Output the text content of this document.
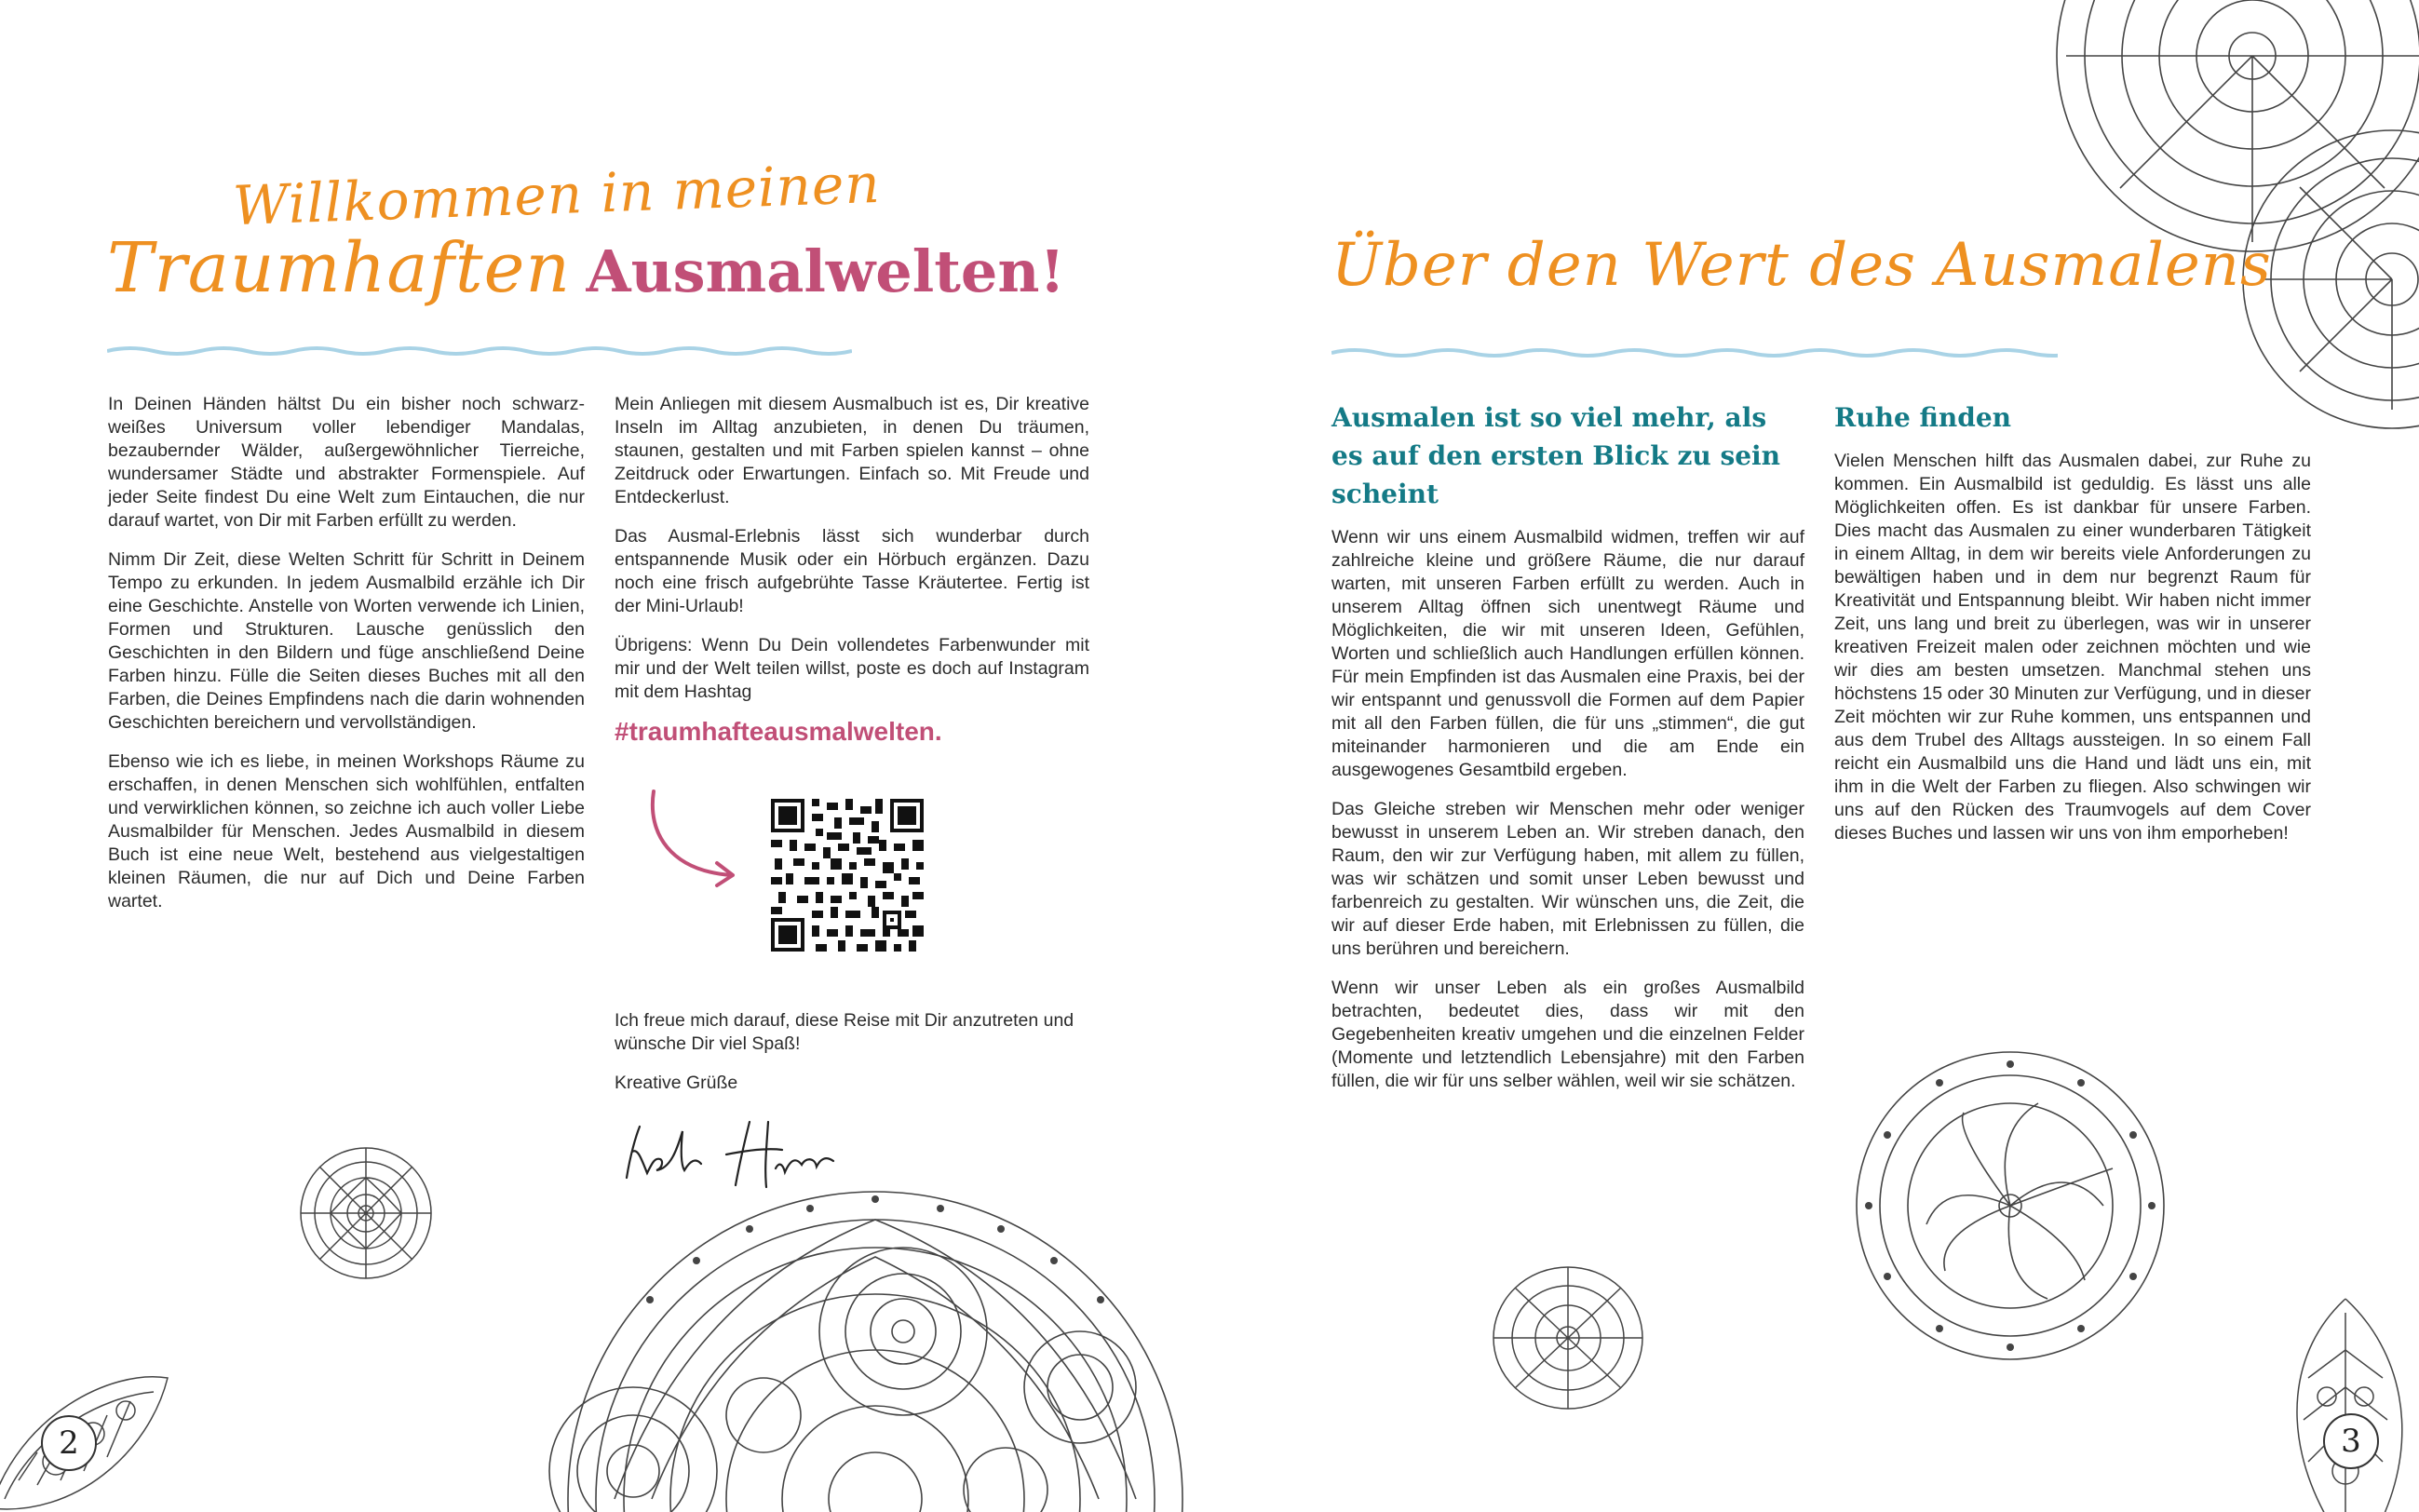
Willkommen in meinen
Traumhaften Ausmalwelten!

In Deinen Händen hältst Du ein bisher noch schwarz-weißes Universum voller lebendiger Mandalas, bezaubernder Wälder, außergewöhnlicher Tierreiche, wundersamer Städte und abstrakter Formenspiele. Auf jeder Seite findest Du eine Welt zum Eintauchen, die nur darauf wartet, von Dir mit Farben erfüllt zu werden.

Nimm Dir Zeit, diese Welten Schritt für Schritt in Deinem Tempo zu erkunden. In jedem Ausmalbild erzähle ich Dir eine Geschichte. Anstelle von Worten verwende ich Linien, Formen und Strukturen. Lausche genüsslich den Geschichten in den Bildern und füge anschließend Deine Farben hinzu. Fülle die Seiten dieses Buches mit all den Farben, die Deines Empfindens nach die darin wohnenden Geschichten bereichern und vervollständigen.

Ebenso wie ich es liebe, in meinen Workshops Räume zu erschaffen, in denen Menschen sich wohlfühlen, entfalten und verwirklichen können, so zeichne ich auch voller Liebe Ausmalbilder für Menschen. Jedes Ausmalbild in diesem Buch ist eine neue Welt, bestehend aus vielgestaltigen kleinen Räumen, die nur auf Dich und Deine Farben wartet.

Mein Anliegen mit diesem Ausmalbuch ist es, Dir kreative Inseln im Alltag anzubieten, in denen Du träumen, staunen, gestalten und mit Farben spielen kannst – ohne Zeitdruck oder Erwartungen. Einfach so. Mit Freude und Entdeckerlust.

Das Ausmal-Erlebnis lässt sich wunderbar durch entspannende Musik oder ein Hörbuch ergänzen. Dazu noch eine frisch aufgebrühte Tasse Kräutertee. Fertig ist der Mini-Urlaub!

Übrigens: Wenn Du Dein vollendetes Farbenwunder mit mir und der Welt teilen willst, poste es doch auf Instagram mit dem Hashtag

#traumhafteausmalwelten.

Ich freue mich darauf, diese Reise mit Dir anzutreten und wünsche Dir viel Spaß!

Kreative Grüße

2
Über den Wert des Ausmalens
Ausmalen ist so viel mehr, als es auf den ersten Blick zu sein scheint

Wenn wir uns einem Ausmalbild widmen, treffen wir auf zahlreiche kleine und größere Räume, die nur darauf warten, mit unseren Farben erfüllt zu werden. Auch in unserem Alltag öffnen sich unentwegt Räume und Möglichkeiten, die wir mit unseren Ideen, Gefühlen, Worten und schließlich auch Handlungen erfüllen können. Für mein Empfinden ist das Ausmalen eine Praxis, bei der wir entspannt und genussvoll die Formen auf dem Papier mit all den Farben füllen, die für uns „stimmen“, die gut miteinander harmonieren und die am Ende ein ausgewogenes Gesamtbild ergeben.

Das Gleiche streben wir Menschen mehr oder weniger bewusst in unserem Leben an. Wir streben danach, den Raum, den wir zur Verfügung haben, mit allem zu füllen, was wir schätzen und somit unser Leben bewusst und farbenreich zu gestalten. Wir wünschen uns, die Zeit, die wir auf dieser Erde haben, mit Erlebnissen zu füllen, die uns berühren und bereichern.

Wenn wir unser Leben als ein großes Ausmalbild betrachten, bedeutet dies, dass wir mit den Gegebenheiten kreativ umgehen und die einzelnen Felder (Momente und letztendlich Lebensjahre) mit den Farben füllen, die wir für uns selber wählen, weil wir sie schätzen.

Ruhe finden

Vielen Menschen hilft das Ausmalen dabei, zur Ruhe zu kommen. Ein Ausmalbild ist geduldig. Es lässt uns alle Möglichkeiten offen. Es ist dankbar für unsere Farben. Dies macht das Ausmalen zu einer wunderbaren Tätigkeit in einem Alltag, in dem wir bereits viele Anforderungen zu bewältigen haben und in dem nur begrenzt Raum für Kreativität und Entspannung bleibt. Wir haben nicht immer Zeit, uns lang und breit zu überlegen, was wir in unserer kreativen Freizeit malen oder zeichnen möchten und wie wir dies am besten umsetzen. Manchmal stehen uns höchstens 15 oder 30 Minuten zur Verfügung, und in dieser Zeit möchten wir zur Ruhe kommen, uns entspannen und aus dem Trubel des Alltags aussteigen. In so einem Fall reicht ein Ausmalbild uns die Hand und lädt uns ein, mit ihm in die Welt der Farben zu fliegen. Also schwingen wir uns auf den Rücken des Traumvogels auf dem Cover dieses Buches und lassen wir uns von ihm emporheben!

3
